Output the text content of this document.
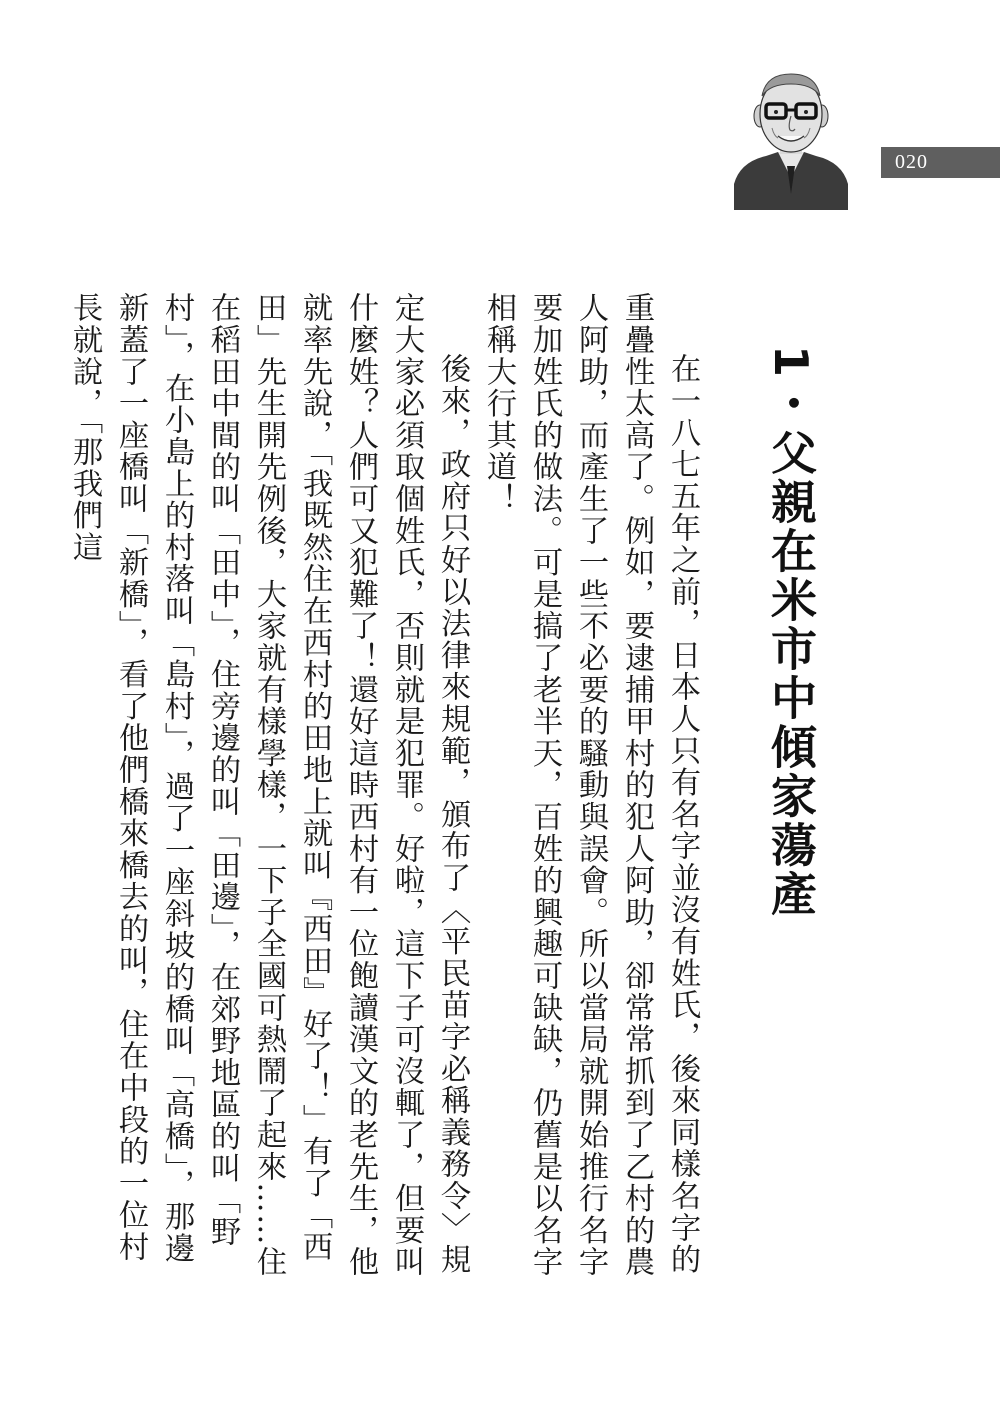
020
1・父親在米市中傾家蕩產

在一八七五年之前，日本人只有名字並沒有姓氏，後來同樣名字的重疊性太高了。例如，要逮捕甲村的犯人阿助，卻常常抓到了乙村的農人阿助，而產生了一些不必要的騷動與誤會。所以當局就開始推行名字要加姓氏的做法。可是搞了老半天，百姓的興趣可缺缺，仍舊是以名字相稱大行其道！

後來，政府只好以法律來規範，頒布了〈平民苗字必稱義務令〉規定大家必須取個姓氏，否則就是犯罪。好啦，這下子可沒輒了，但要叫什麼姓？人們可又犯難了！還好這時西村有一位飽讀漢文的老先生，他就率先說，「我既然住在西村的田地上就叫『西田』好了！」有了「西田」先生開先例後，大家就有樣學樣，一下子全國可熱鬧了起來……住在稻田中間的叫「田中」，住旁邊的叫「田邊」，在郊野地區的叫「野村」，在小島上的村落叫「島村」，過了一座斜坡的橋叫「高橋」，那邊新蓋了一座橋叫「新橋」，看了他們橋來橋去的叫，住在中段的一位村長就說，「那我們這
